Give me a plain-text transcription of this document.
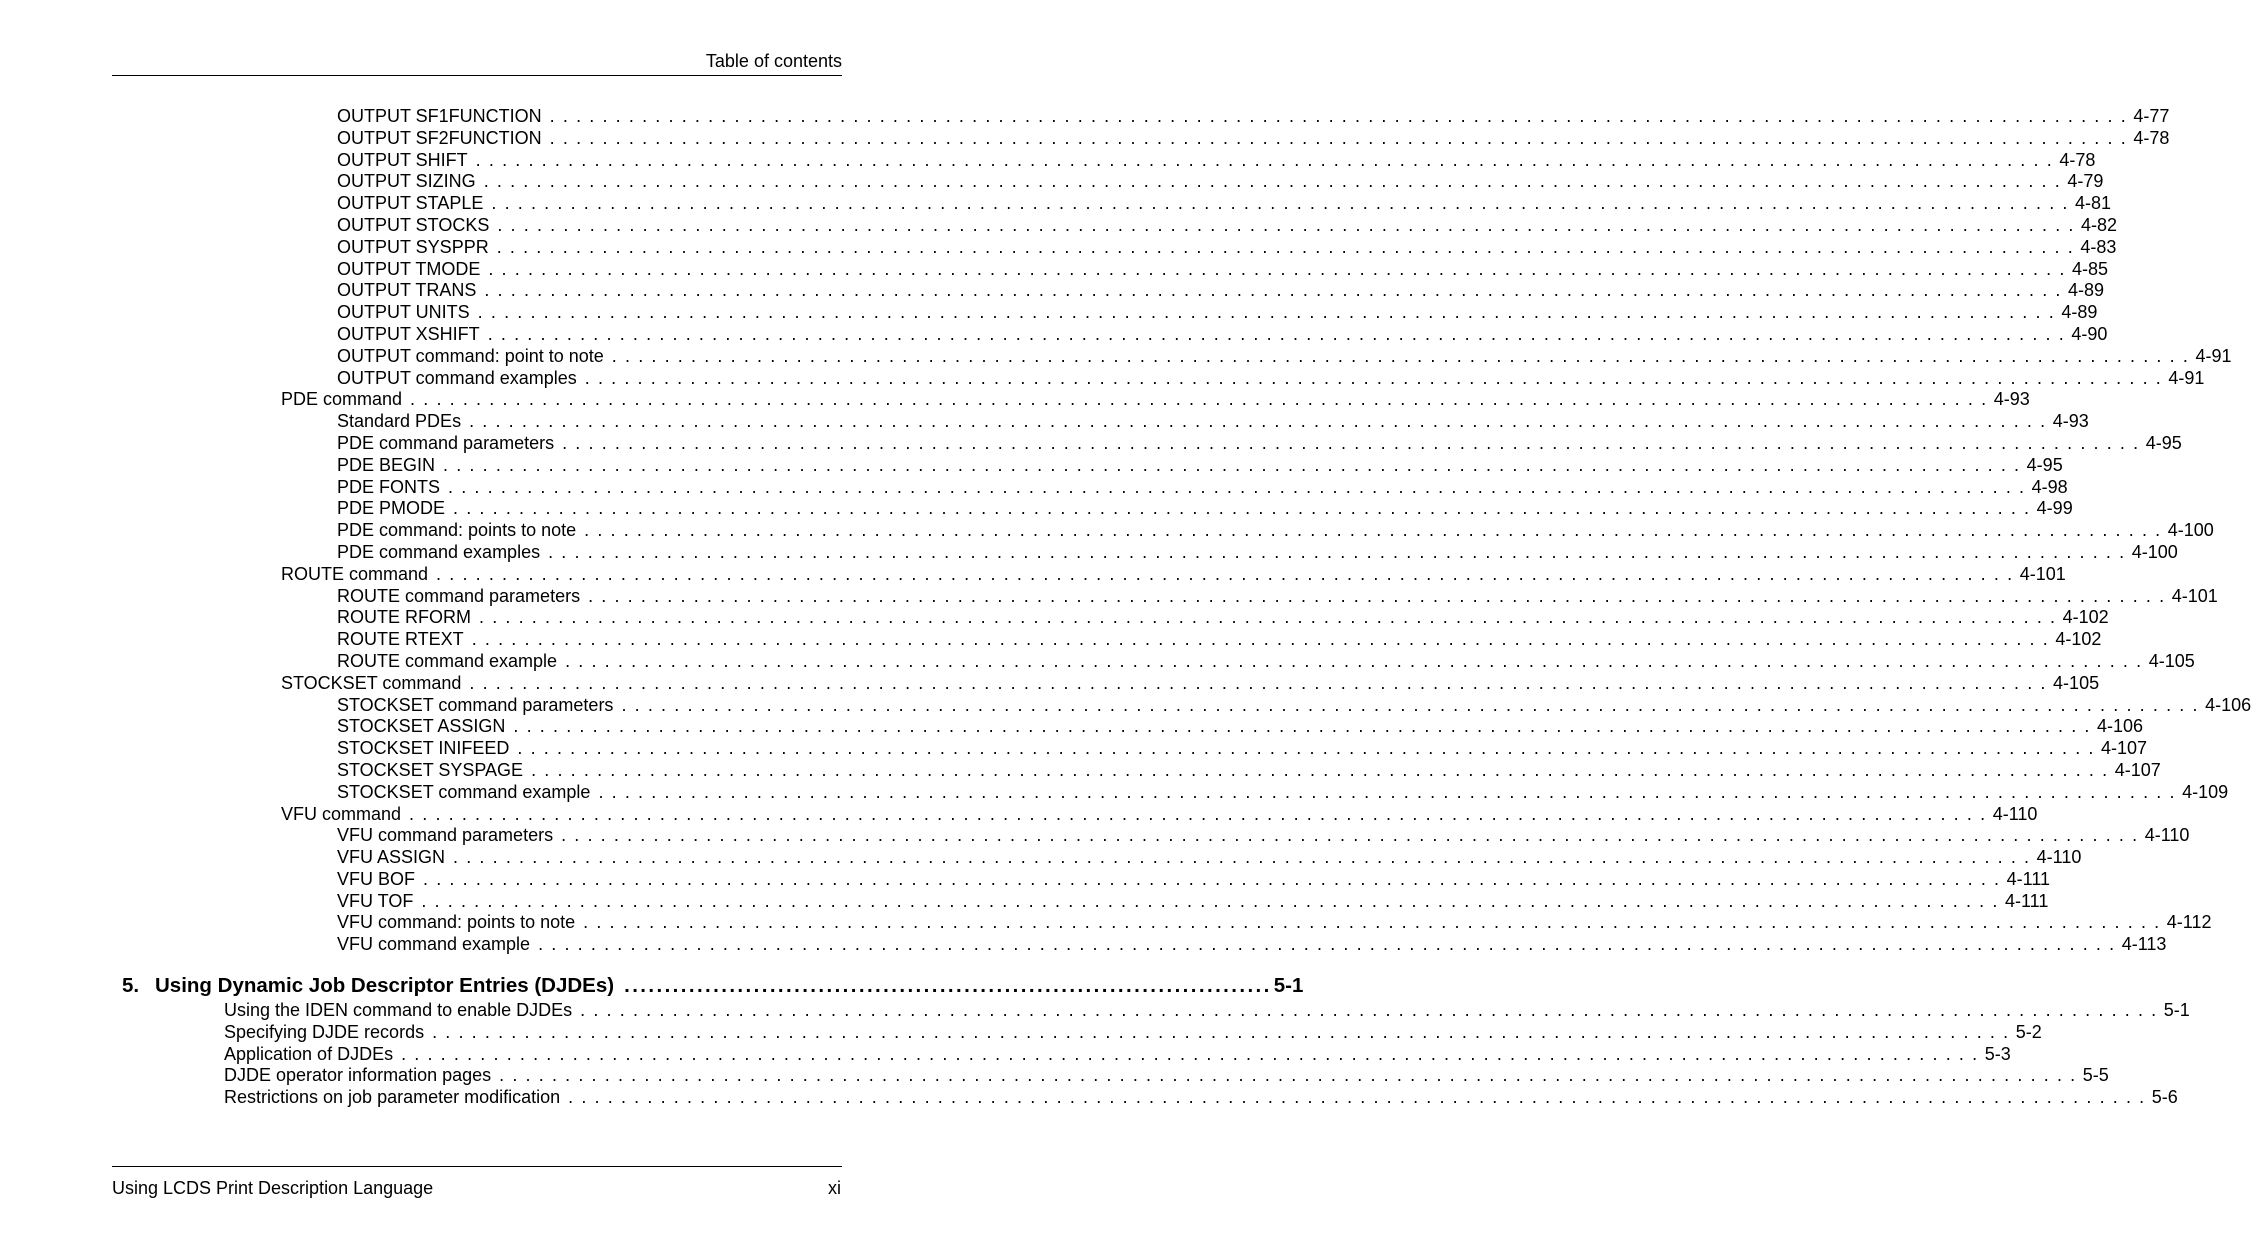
Table of contents
OUTPUT SF1FUNCTION . . . . . . . . . . . . . . . . . . . . . . . . . . . . . . . . . . . . . . . . . . . . . . . . . . . . . . . . . . . . . . . . . . . . . . . . . . . . . . . . . . . . . . . . . . . . . . . . . . . . . . . . . . . . . . . . . . . . . . . . 4-77
OUTPUT SF2FUNCTION . . . . . . . . . . . . . . . . . . . . . . . . . . . . . . . . . . . . . . . . . . . . . . . . . . . . . . . . . . . . . . . . . . . . . . . . . . . . . . . . . . . . . . . . . . . . . . . . . . . . . . . . . . . . . . . . . . . . . . . . 4-78
OUTPUT SHIFT . . . . . . . . . . . . . . . . . . . . . . . . . . . . . . . . . . . . . . . . . . . . . . . . . . . . . . . . . . . . . . . . . . . . . . . . . . . . . . . . . . . . . . . . . . . . . . . . . . . . . . . . . . . . . . . . . . . . . . . . 4-78
OUTPUT SIZING . . . . . . . . . . . . . . . . . . . . . . . . . . . . . . . . . . . . . . . . . . . . . . . . . . . . . . . . . . . . . . . . . . . . . . . . . . . . . . . . . . . . . . . . . . . . . . . . . . . . . . . . . . . . . . . . . . . . . . . . 4-79
OUTPUT STAPLE . . . . . . . . . . . . . . . . . . . . . . . . . . . . . . . . . . . . . . . . . . . . . . . . . . . . . . . . . . . . . . . . . . . . . . . . . . . . . . . . . . . . . . . . . . . . . . . . . . . . . . . . . . . . . . . . . . . . . . . . 4-81
OUTPUT STOCKS . . . . . . . . . . . . . . . . . . . . . . . . . . . . . . . . . . . . . . . . . . . . . . . . . . . . . . . . . . . . . . . . . . . . . . . . . . . . . . . . . . . . . . . . . . . . . . . . . . . . . . . . . . . . . . . . . . . . . . . . 4-82
OUTPUT SYSPPR . . . . . . . . . . . . . . . . . . . . . . . . . . . . . . . . . . . . . . . . . . . . . . . . . . . . . . . . . . . . . . . . . . . . . . . . . . . . . . . . . . . . . . . . . . . . . . . . . . . . . . . . . . . . . . . . . . . . . . . . 4-83
OUTPUT TMODE . . . . . . . . . . . . . . . . . . . . . . . . . . . . . . . . . . . . . . . . . . . . . . . . . . . . . . . . . . . . . . . . . . . . . . . . . . . . . . . . . . . . . . . . . . . . . . . . . . . . . . . . . . . . . . . . . . . . . . . . 4-85
OUTPUT TRANS . . . . . . . . . . . . . . . . . . . . . . . . . . . . . . . . . . . . . . . . . . . . . . . . . . . . . . . . . . . . . . . . . . . . . . . . . . . . . . . . . . . . . . . . . . . . . . . . . . . . . . . . . . . . . . . . . . . . . . . . 4-89
OUTPUT UNITS . . . . . . . . . . . . . . . . . . . . . . . . . . . . . . . . . . . . . . . . . . . . . . . . . . . . . . . . . . . . . . . . . . . . . . . . . . . . . . . . . . . . . . . . . . . . . . . . . . . . . . . . . . . . . . . . . . . . . . . . 4-89
OUTPUT XSHIFT . . . . . . . . . . . . . . . . . . . . . . . . . . . . . . . . . . . . . . . . . . . . . . . . . . . . . . . . . . . . . . . . . . . . . . . . . . . . . . . . . . . . . . . . . . . . . . . . . . . . . . . . . . . . . . . . . . . . . . . . 4-90
OUTPUT command: point to note . . . . . . . . . . . . . . . . . . . . . . . . . . . . . . . . . . . . . . . . . . . . . . . . . . . . . . . . . . . . . . . . . . . . . . . . . . . . . . . . . . . . . . . . . . . . . . . . . . . . . . . . . . . . . . . . . . . . . . . . 4-91
OUTPUT command examples . . . . . . . . . . . . . . . . . . . . . . . . . . . . . . . . . . . . . . . . . . . . . . . . . . . . . . . . . . . . . . . . . . . . . . . . . . . . . . . . . . . . . . . . . . . . . . . . . . . . . . . . . . . . . . . . . . . . . . . . 4-91
PDE command . . . . . . . . . . . . . . . . . . . . . . . . . . . . . . . . . . . . . . . . . . . . . . . . . . . . . . . . . . . . . . . . . . . . . . . . . . . . . . . . . . . . . . . . . . . . . . . . . . . . . . . . . . . . . . . . . . . . . . . . 4-93
Standard PDEs . . . . . . . . . . . . . . . . . . . . . . . . . . . . . . . . . . . . . . . . . . . . . . . . . . . . . . . . . . . . . . . . . . . . . . . . . . . . . . . . . . . . . . . . . . . . . . . . . . . . . . . . . . . . . . . . . . . . . . . . 4-93
PDE command parameters . . . . . . . . . . . . . . . . . . . . . . . . . . . . . . . . . . . . . . . . . . . . . . . . . . . . . . . . . . . . . . . . . . . . . . . . . . . . . . . . . . . . . . . . . . . . . . . . . . . . . . . . . . . . . . . . . . . . . . . . 4-95
PDE BEGIN . . . . . . . . . . . . . . . . . . . . . . . . . . . . . . . . . . . . . . . . . . . . . . . . . . . . . . . . . . . . . . . . . . . . . . . . . . . . . . . . . . . . . . . . . . . . . . . . . . . . . . . . . . . . . . . . . . . . . . . . 4-95
PDE FONTS . . . . . . . . . . . . . . . . . . . . . . . . . . . . . . . . . . . . . . . . . . . . . . . . . . . . . . . . . . . . . . . . . . . . . . . . . . . . . . . . . . . . . . . . . . . . . . . . . . . . . . . . . . . . . . . . . . . . . . . . 4-98
PDE PMODE . . . . . . . . . . . . . . . . . . . . . . . . . . . . . . . . . . . . . . . . . . . . . . . . . . . . . . . . . . . . . . . . . . . . . . . . . . . . . . . . . . . . . . . . . . . . . . . . . . . . . . . . . . . . . . . . . . . . . . . . 4-99
PDE command: points to note . . . . . . . . . . . . . . . . . . . . . . . . . . . . . . . . . . . . . . . . . . . . . . . . . . . . . . . . . . . . . . . . . . . . . . . . . . . . . . . . . . . . . . . . . . . . . . . . . . . . . . . . . . . . . . . . . . . . . . . . 4-100
PDE command examples . . . . . . . . . . . . . . . . . . . . . . . . . . . . . . . . . . . . . . . . . . . . . . . . . . . . . . . . . . . . . . . . . . . . . . . . . . . . . . . . . . . . . . . . . . . . . . . . . . . . . . . . . . . . . . . . . . . . . . . . 4-100
ROUTE command . . . . . . . . . . . . . . . . . . . . . . . . . . . . . . . . . . . . . . . . . . . . . . . . . . . . . . . . . . . . . . . . . . . . . . . . . . . . . . . . . . . . . . . . . . . . . . . . . . . . . . . . . . . . . . . . . . . . . . . . 4-101
ROUTE command parameters . . . . . . . . . . . . . . . . . . . . . . . . . . . . . . . . . . . . . . . . . . . . . . . . . . . . . . . . . . . . . . . . . . . . . . . . . . . . . . . . . . . . . . . . . . . . . . . . . . . . . . . . . . . . . . . . . . . . . . . . 4-101
ROUTE RFORM . . . . . . . . . . . . . . . . . . . . . . . . . . . . . . . . . . . . . . . . . . . . . . . . . . . . . . . . . . . . . . . . . . . . . . . . . . . . . . . . . . . . . . . . . . . . . . . . . . . . . . . . . . . . . . . . . . . . . . . . 4-102
ROUTE RTEXT . . . . . . . . . . . . . . . . . . . . . . . . . . . . . . . . . . . . . . . . . . . . . . . . . . . . . . . . . . . . . . . . . . . . . . . . . . . . . . . . . . . . . . . . . . . . . . . . . . . . . . . . . . . . . . . . . . . . . . . . 4-102
ROUTE command example . . . . . . . . . . . . . . . . . . . . . . . . . . . . . . . . . . . . . . . . . . . . . . . . . . . . . . . . . . . . . . . . . . . . . . . . . . . . . . . . . . . . . . . . . . . . . . . . . . . . . . . . . . . . . . . . . . . . . . . . 4-105
STOCKSET command . . . . . . . . . . . . . . . . . . . . . . . . . . . . . . . . . . . . . . . . . . . . . . . . . . . . . . . . . . . . . . . . . . . . . . . . . . . . . . . . . . . . . . . . . . . . . . . . . . . . . . . . . . . . . . . . . . . . . . . . 4-105
STOCKSET command parameters . . . . . . . . . . . . . . . . . . . . . . . . . . . . . . . . . . . . . . . . . . . . . . . . . . . . . . . . . . . . . . . . . . . . . . . . . . . . . . . . . . . . . . . . . . . . . . . . . . . . . . . . . . . . . . . . . . . . . . . . 4-106
STOCKSET ASSIGN . . . . . . . . . . . . . . . . . . . . . . . . . . . . . . . . . . . . . . . . . . . . . . . . . . . . . . . . . . . . . . . . . . . . . . . . . . . . . . . . . . . . . . . . . . . . . . . . . . . . . . . . . . . . . . . . . . . . . . . . 4-106
STOCKSET INIFEED . . . . . . . . . . . . . . . . . . . . . . . . . . . . . . . . . . . . . . . . . . . . . . . . . . . . . . . . . . . . . . . . . . . . . . . . . . . . . . . . . . . . . . . . . . . . . . . . . . . . . . . . . . . . . . . . . . . . . . . . 4-107
STOCKSET SYSPAGE . . . . . . . . . . . . . . . . . . . . . . . . . . . . . . . . . . . . . . . . . . . . . . . . . . . . . . . . . . . . . . . . . . . . . . . . . . . . . . . . . . . . . . . . . . . . . . . . . . . . . . . . . . . . . . . . . . . . . . . . 4-107
STOCKSET command example . . . . . . . . . . . . . . . . . . . . . . . . . . . . . . . . . . . . . . . . . . . . . . . . . . . . . . . . . . . . . . . . . . . . . . . . . . . . . . . . . . . . . . . . . . . . . . . . . . . . . . . . . . . . . . . . . . . . . . . . 4-109
VFU command . . . . . . . . . . . . . . . . . . . . . . . . . . . . . . . . . . . . . . . . . . . . . . . . . . . . . . . . . . . . . . . . . . . . . . . . . . . . . . . . . . . . . . . . . . . . . . . . . . . . . . . . . . . . . . . . . . . . . . . . 4-110
VFU command parameters . . . . . . . . . . . . . . . . . . . . . . . . . . . . . . . . . . . . . . . . . . . . . . . . . . . . . . . . . . . . . . . . . . . . . . . . . . . . . . . . . . . . . . . . . . . . . . . . . . . . . . . . . . . . . . . . . . . . . . . . 4-110
VFU ASSIGN . . . . . . . . . . . . . . . . . . . . . . . . . . . . . . . . . . . . . . . . . . . . . . . . . . . . . . . . . . . . . . . . . . . . . . . . . . . . . . . . . . . . . . . . . . . . . . . . . . . . . . . . . . . . . . . . . . . . . . . . 4-110
VFU BOF . . . . . . . . . . . . . . . . . . . . . . . . . . . . . . . . . . . . . . . . . . . . . . . . . . . . . . . . . . . . . . . . . . . . . . . . . . . . . . . . . . . . . . . . . . . . . . . . . . . . . . . . . . . . . . . . . . . . . . . . 4-111
VFU TOF . . . . . . . . . . . . . . . . . . . . . . . . . . . . . . . . . . . . . . . . . . . . . . . . . . . . . . . . . . . . . . . . . . . . . . . . . . . . . . . . . . . . . . . . . . . . . . . . . . . . . . . . . . . . . . . . . . . . . . . . 4-111
VFU command: points to note . . . . . . . . . . . . . . . . . . . . . . . . . . . . . . . . . . . . . . . . . . . . . . . . . . . . . . . . . . . . . . . . . . . . . . . . . . . . . . . . . . . . . . . . . . . . . . . . . . . . . . . . . . . . . . . . . . . . . . . . 4-112
VFU command example . . . . . . . . . . . . . . . . . . . . . . . . . . . . . . . . . . . . . . . . . . . . . . . . . . . . . . . . . . . . . . . . . . . . . . . . . . . . . . . . . . . . . . . . . . . . . . . . . . . . . . . . . . . . . . . . . . . . . . . . 4-113
5. Using Dynamic Job Descriptor Entries (DJDEs) ................................................................................ 5-1
Using the IDEN command to enable DJDEs . . . . . . . . . . . . . . . . . . . . . . . . . . . . . . . . . . . . . . . . . . . . . . . . . . . . . . . . . . . . . . . . . . . . . . . . . . . . . . . . . . . . . . . . . . . . . . . . . . . . . . . . . . . . . . . . . . . . . . . . 5-1
Specifying DJDE records . . . . . . . . . . . . . . . . . . . . . . . . . . . . . . . . . . . . . . . . . . . . . . . . . . . . . . . . . . . . . . . . . . . . . . . . . . . . . . . . . . . . . . . . . . . . . . . . . . . . . . . . . . . . . . . . . . . . . . . . 5-2
Application of DJDEs . . . . . . . . . . . . . . . . . . . . . . . . . . . . . . . . . . . . . . . . . . . . . . . . . . . . . . . . . . . . . . . . . . . . . . . . . . . . . . . . . . . . . . . . . . . . . . . . . . . . . . . . . . . . . . . . . . . . . . . . 5-3
DJDE operator information pages . . . . . . . . . . . . . . . . . . . . . . . . . . . . . . . . . . . . . . . . . . . . . . . . . . . . . . . . . . . . . . . . . . . . . . . . . . . . . . . . . . . . . . . . . . . . . . . . . . . . . . . . . . . . . . . . . . . . . . . . 5-5
Restrictions on job parameter modification . . . . . . . . . . . . . . . . . . . . . . . . . . . . . . . . . . . . . . . . . . . . . . . . . . . . . . . . . . . . . . . . . . . . . . . . . . . . . . . . . . . . . . . . . . . . . . . . . . . . . . . . . . . . . . . . . . . . . . . . 5-6
Using LCDS Print Description Language	xi
